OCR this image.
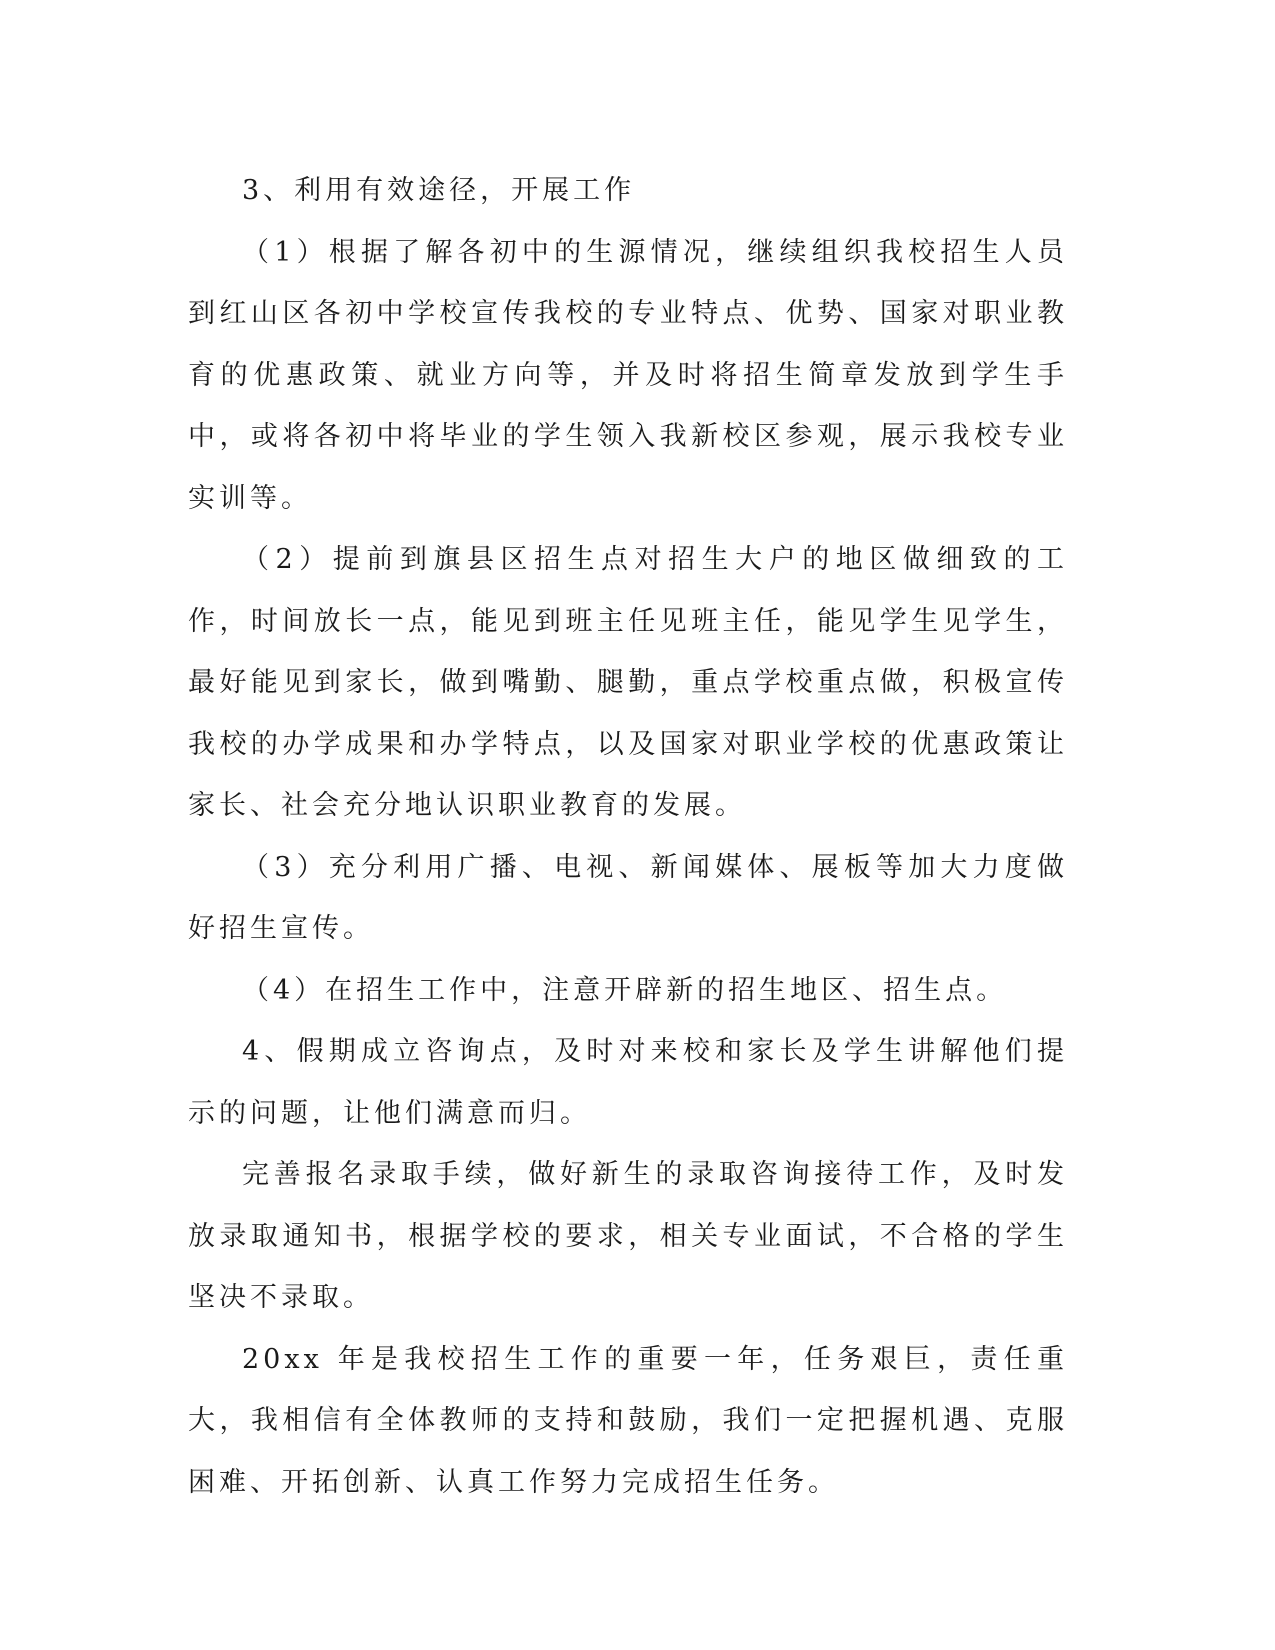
3、利用有效途径，开展工作

（1）根据了解各初中的生源情况，继续组织我校招生人员到红山区各初中学校宣传我校的专业特点、优势、国家对职业教育的优惠政策、就业方向等，并及时将招生简章发放到学生手中，或将各初中将毕业的学生领入我新校区参观，展示我校专业实训等。

（2）提前到旗县区招生点对招生大户的地区做细致的工作，时间放长一点，能见到班主任见班主任，能见学生见学生，最好能见到家长，做到嘴勤、腿勤，重点学校重点做，积极宣传我校的办学成果和办学特点，以及国家对职业学校的优惠政策让家长、社会充分地认识职业教育的发展。

（3）充分利用广播、电视、新闻媒体、展板等加大力度做好招生宣传。

（4）在招生工作中，注意开辟新的招生地区、招生点。

4、假期成立咨询点，及时对来校和家长及学生讲解他们提示的问题，让他们满意而归。

完善报名录取手续，做好新生的录取咨询接待工作，及时发放录取通知书，根据学校的要求，相关专业面试，不合格的学生坚决不录取。

20xx 年是我校招生工作的重要一年，任务艰巨，责任重大，我相信有全体教师的支持和鼓励，我们一定把握机遇、克服困难、开拓创新、认真工作努力完成招生任务。
